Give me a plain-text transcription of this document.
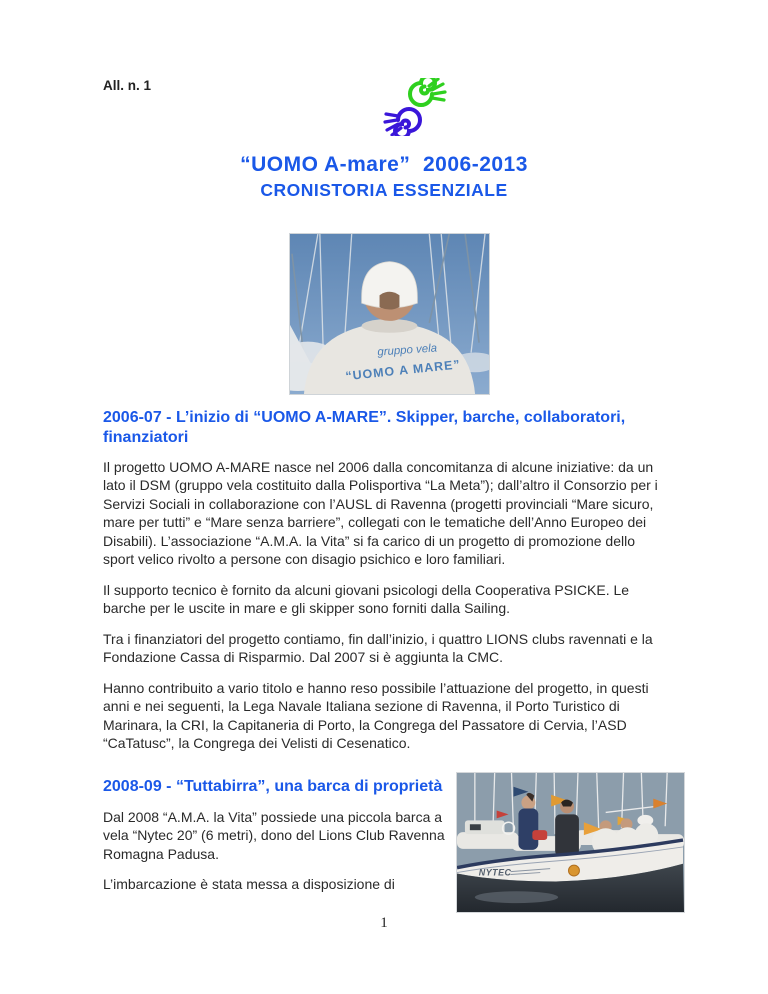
All. n. 1
“UOMO A-mare”  2006-2013
CRONISTORIA ESSENZIALE
gruppo vela
“UOMO A MARE”
2006-07 - L’inizio di “UOMO A-MARE”. Skipper, barche, collaboratori, finanziatori

Il progetto UOMO A-MARE nasce nel 2006 dalla concomitanza di alcune iniziative: da un lato il DSM (gruppo vela costituito dalla Polisportiva “La Meta”); dall’altro il Consorzio per i Servizi Sociali in collaborazione con l’AUSL di Ravenna (progetti provinciali “Mare sicuro, mare per tutti” e “Mare senza barriere”, collegati con le tematiche dell’Anno Europeo dei Disabili). L’associazione “A.M.A. la Vita” si fa carico di un progetto di promozione dello sport velico rivolto a persone con disagio psichico e loro familiari.

Il supporto tecnico è fornito da alcuni giovani psicologi della Cooperativa PSICKE. Le barche per le uscite in mare e gli skipper sono forniti dalla Sailing.

Tra i finanziatori del progetto contiamo, fin dall’inizio, i quattro LIONS clubs ravennati e la Fondazione Cassa di Risparmio. Dal 2007 si è aggiunta la CMC.

Hanno contribuito a vario titolo e hanno reso possibile l’attuazione del progetto, in questi anni e nei seguenti, la Lega Navale Italiana sezione di Ravenna, il Porto Turistico di Marinara, la CRI, la Capitaneria di Porto, la Congrega del Passatore di Cervia, l’ASD “CaTatusc”, la Congrega dei Velisti di Cesenatico.

2008-09 - “Tuttabirra”, una barca di proprietà

Dal 2008 “A.M.A. la Vita” possiede una piccola barca a vela “Nytec 20” (6 metri), dono del Lions Club Ravenna Romagna Padusa.

L’imbarcazione è stata messa a disposizione di

NYTEC
1
